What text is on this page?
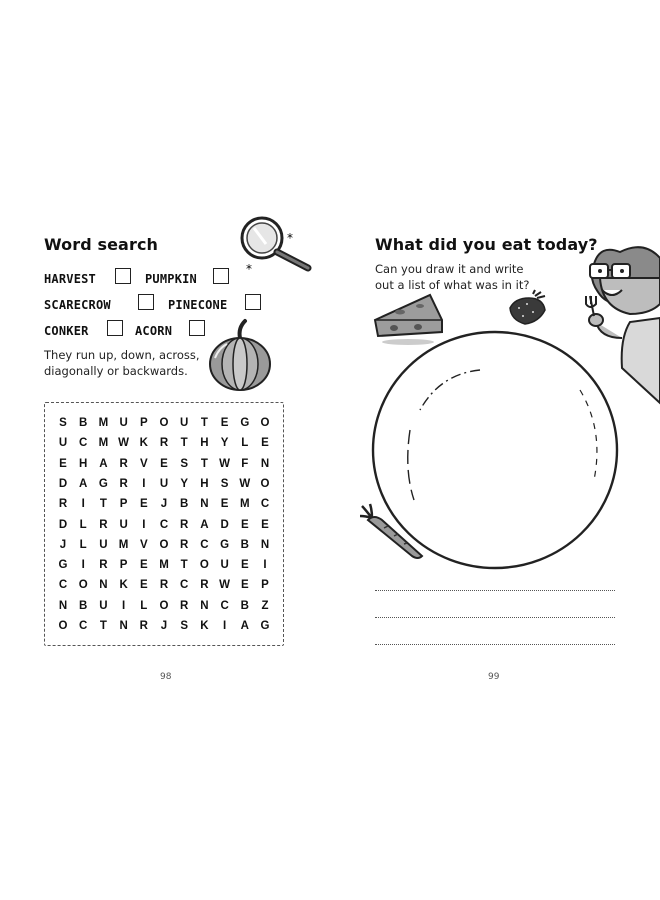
Word search	*
*
HARVEST	PUMPKIN
SCARECROW	PINECONE
CONKER	ACORN
They run up, down, across,
diagonally or backwards.
S	B M U	P	O	U	T	E	G O
U	C M W K	R	T	H	Y	L	E
E	H	A	R	V	E	S	T W F	N
D	A	G	R	I	U	Y	H	S W O
R	I	T	P	E	J	B	N	E	M C
D	L	R	U	I	C	R	A	D	E	E
J	L	U M	V	O	R	C	G	B	N
G	I	R	P	E	M	T	O	U	E	I
C	O	N	K	E	R	C	R W E	P
N	B	U	I	L	O	R	N	C	B	Z
O	C	T	N	R	J	S	K	I	A	G
98
What did you eat today?
Can you draw it and write
out a list of what was in it?
99
